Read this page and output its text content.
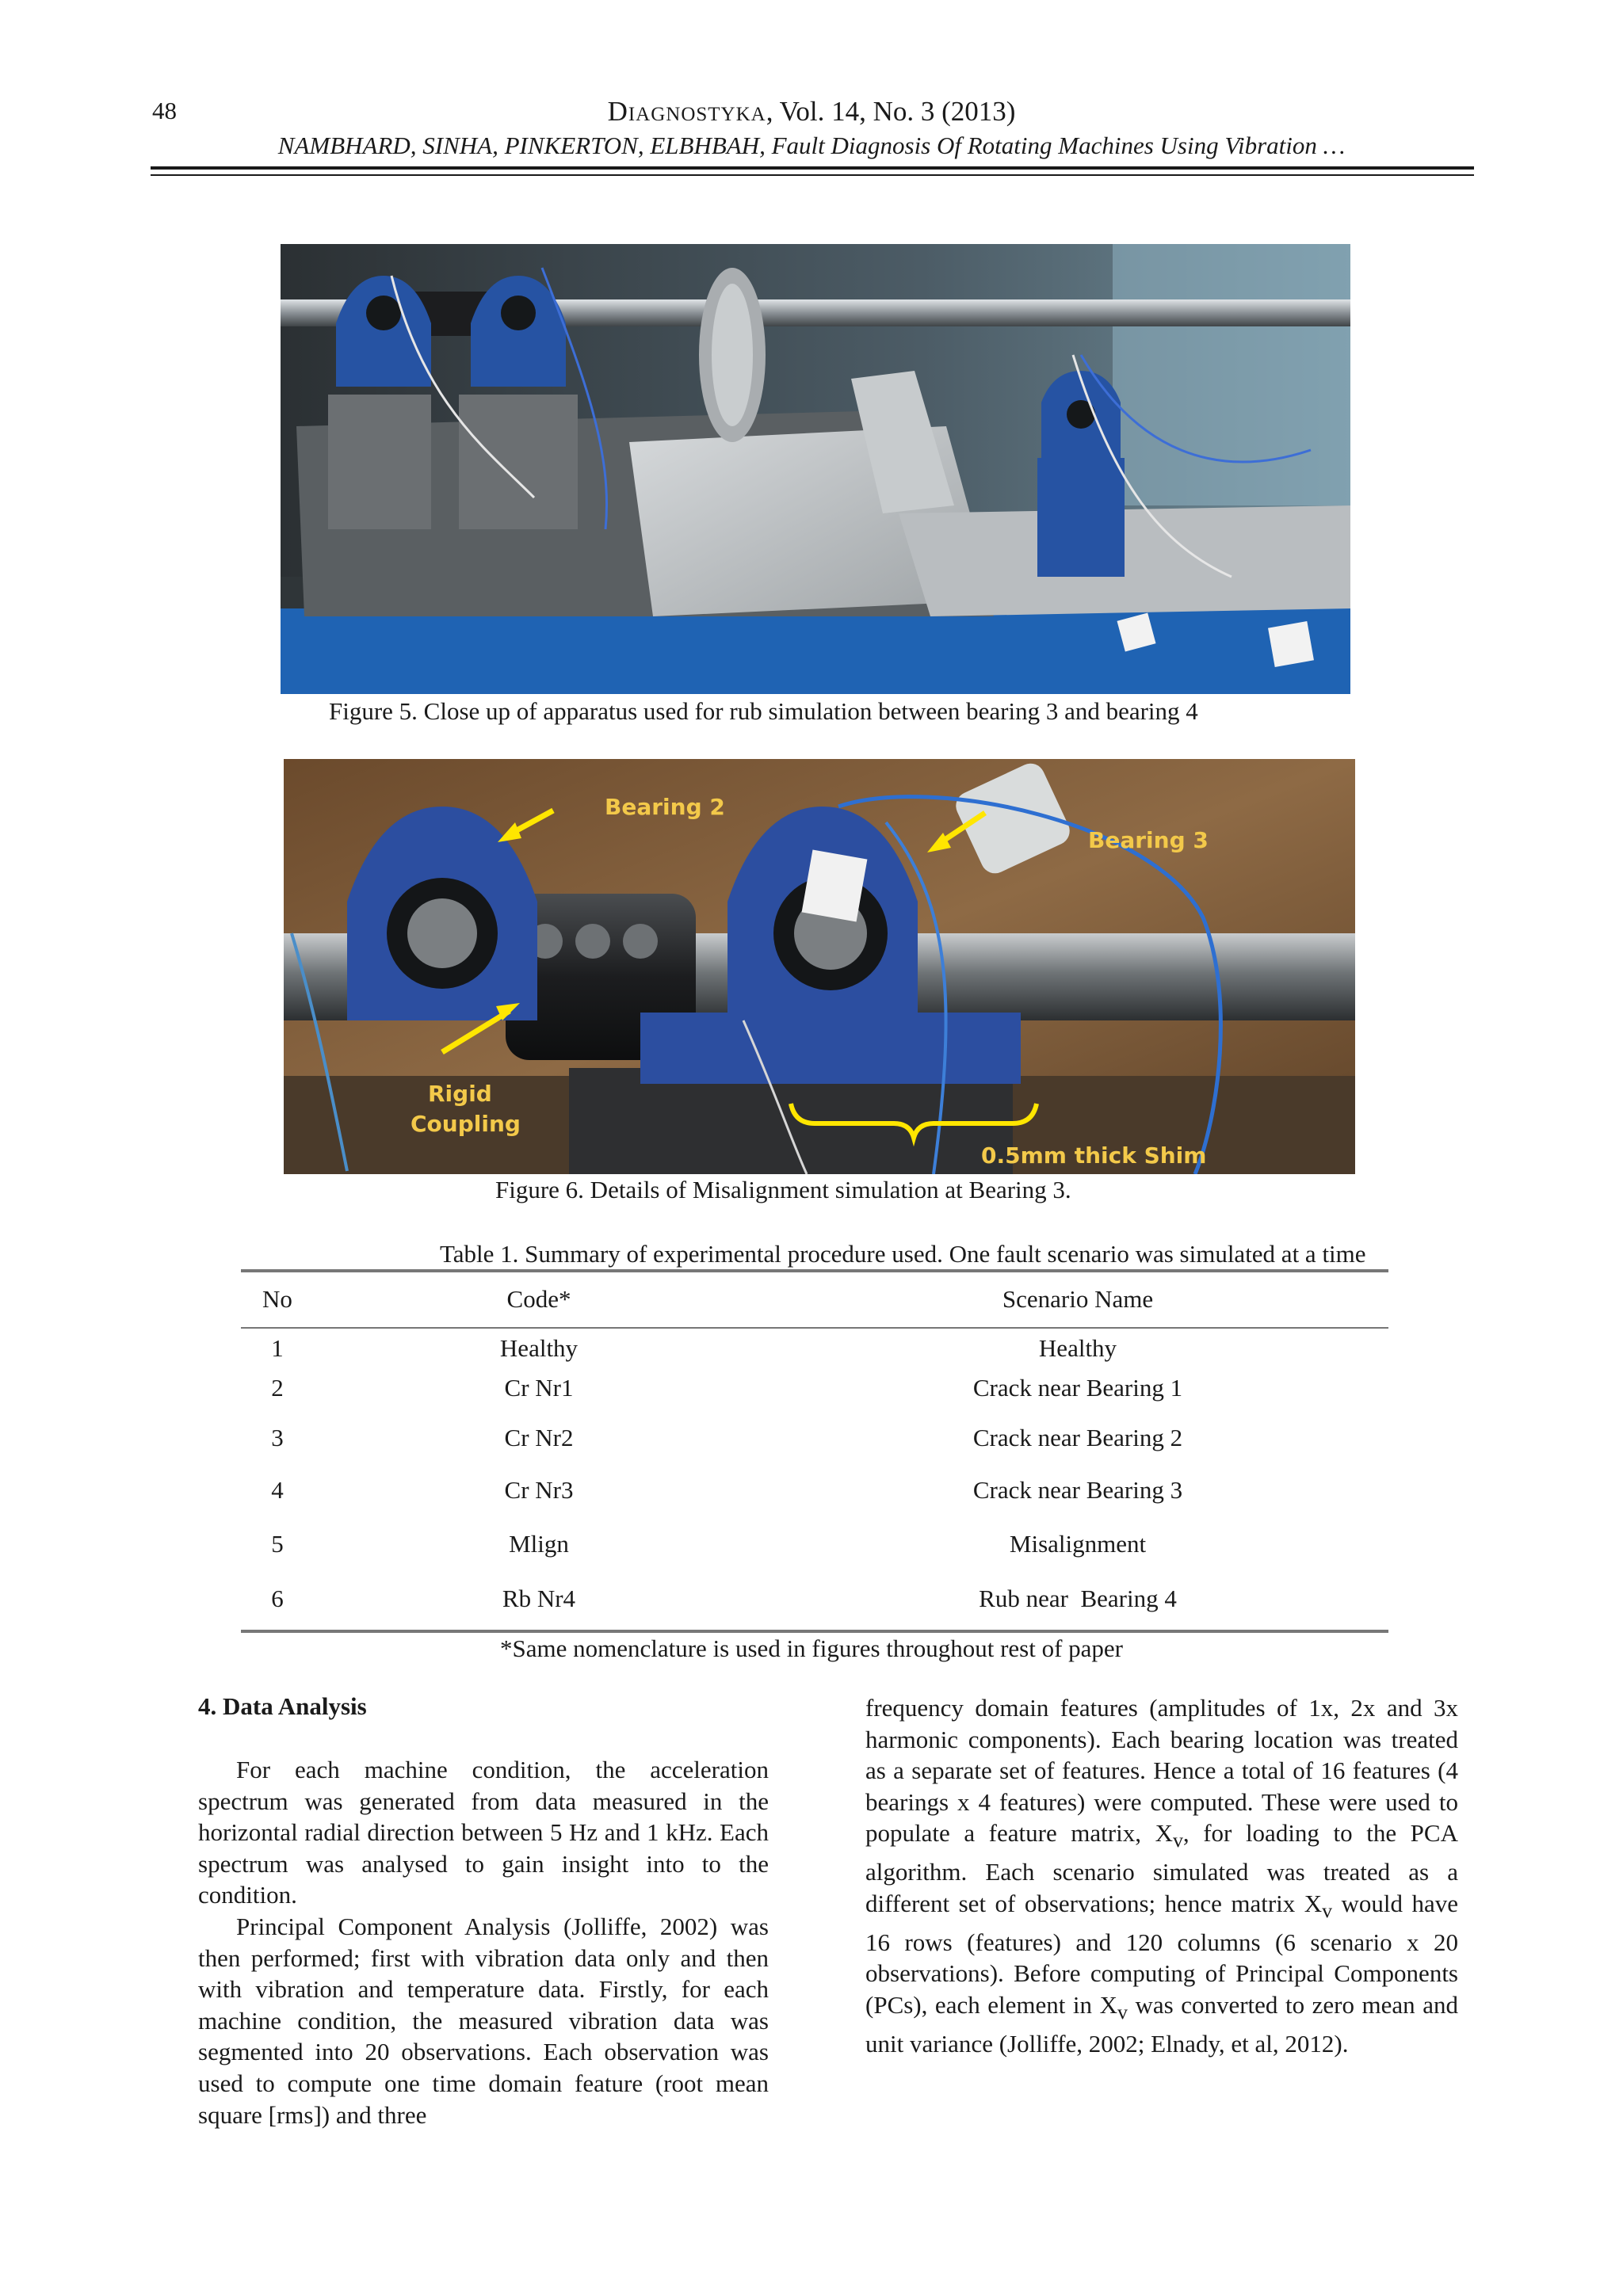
48	Diagnostyka, Vol. 14, No. 3 (2013)
NAMBHARD, SINHA, PINKERTON, ELBHBAH, Fault Diagnosis Of Rotating Machines Using Vibration …
Figure 5. Close up of apparatus used for rub simulation between bearing 3 and bearing 4
Bearing 2
Bearing 3
Rigid
Coupling
0.5mm thick Shim
Figure 6. Details of Misalignment simulation at Bearing 3.
Table 1. Summary of experimental procedure used. One fault scenario was simulated at a time
No	Code*	Scenario Name
1	Healthy	Healthy
2	Cr Nr1	Crack near Bearing 1
3	Cr Nr2	Crack near Bearing 2
4	Cr Nr3	Crack near Bearing 3
5	Mlign	Misalignment
6	Rb Nr4	Rub near  Bearing 4
*Same nomenclature is used in figures throughout rest of paper
4. Data Analysis

For each machine condition, the acceleration spectrum was generated from data measured in the horizontal radial direction between 5 Hz and 1 kHz. Each spectrum was analysed to gain insight into to the condition.

Principal Component Analysis (Jolliffe, 2002) was then performed; first with vibration data only and then with vibration and temperature data. Firstly, for each machine condition, the measured vibration data was segmented into 20 observations. Each observation was used to compute one time domain feature (root mean square [rms]) and three

frequency domain features (amplitudes of 1x, 2x and 3x harmonic components). Each bearing location was treated as a separate set of features. Hence a total of 16 features (4 bearings x 4 features) were computed. These were used to populate a feature matrix, $X_v$, for loading to the PCA algorithm. Each scenario simulated was treated as a different set of observations; hence matrix $X_v$ would have 16 rows (features) and 120 columns (6 scenario x 20 observations). Before computing of Principal Components (PCs), each element in $X_v$ was converted to zero mean and unit variance (Jolliffe, 2002; Elnady, et al, 2012).
